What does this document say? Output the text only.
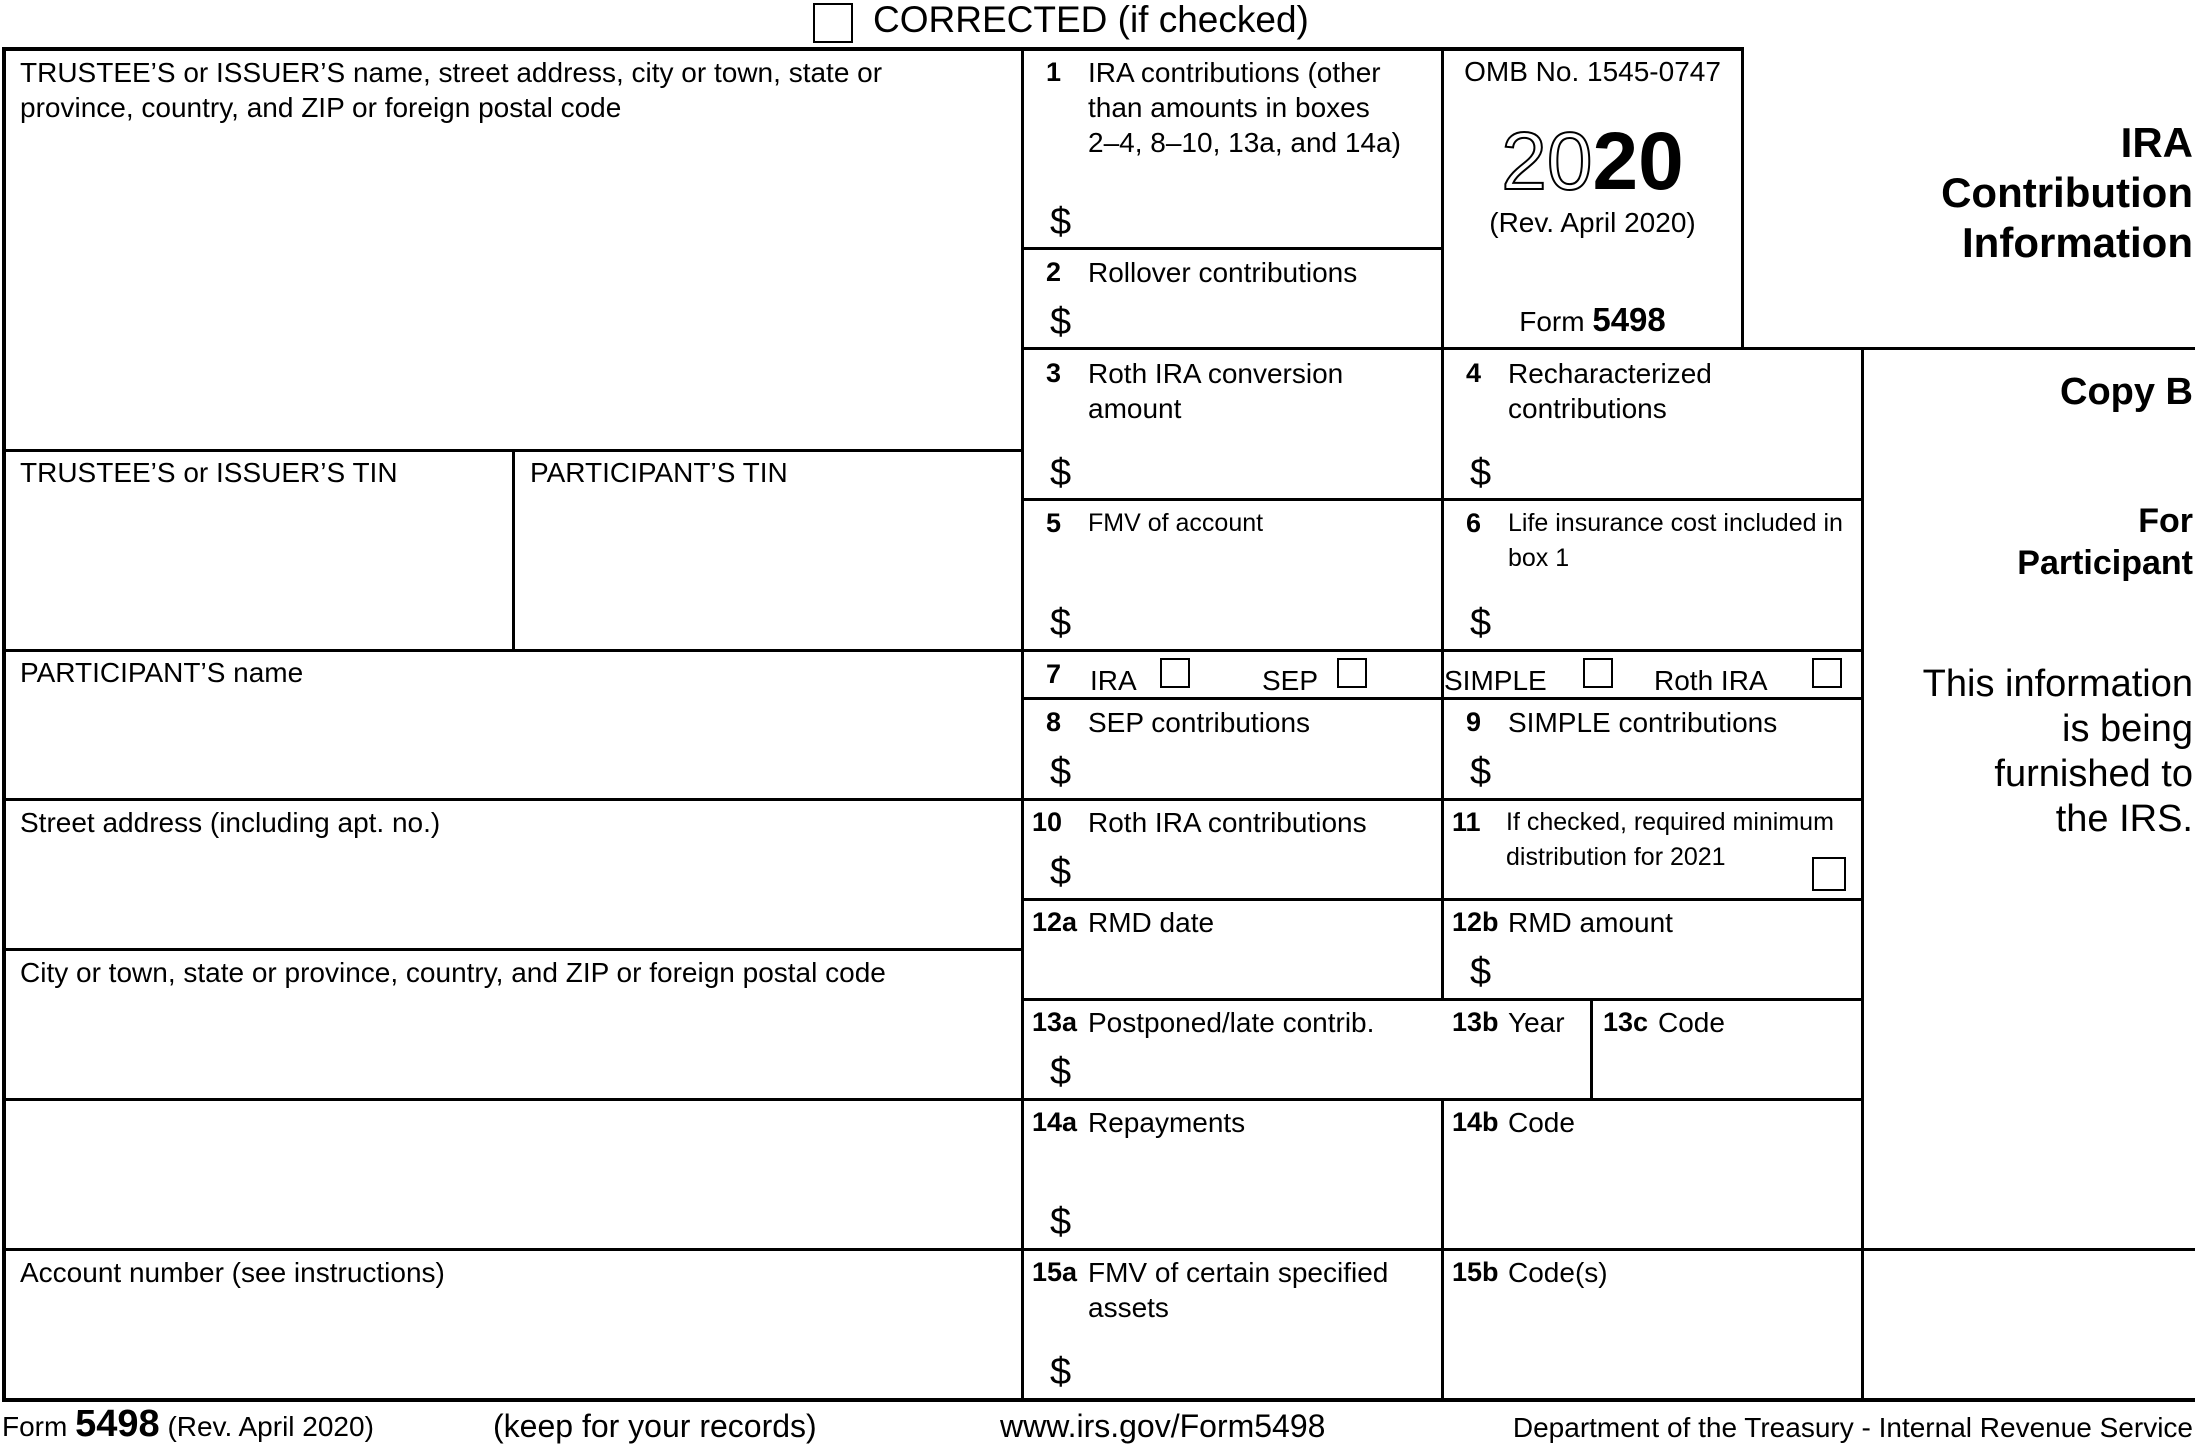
CORRECTED (if checked)
TRUSTEE’S or ISSUER’S name, street address, city or town, state or
province, country, and ZIP or foreign postal code
TRUSTEE’S or ISSUER’S TIN	PARTICIPANT’S TIN
PARTICIPANT’S name
Street address (including apt. no.)
City or town, state or province, country, and ZIP or foreign postal code
Account number (see instructions)
OMB No. 1545-0747
2020
(Rev. April 2020)
Form 5498
IRA
Contribution
Information
Copy B
For
Participant
This information
is being
furnished to
the IRS.
1 IRA contributions (other
than amounts in boxes
2–4, 8–10, 13a, and 14a)
$
2 Rollover contributions
$
3 Roth IRA conversion
amount
$
4 Recharacterized
contributions
$
5 FMV of account
$
6 Life insurance cost included in
box 1
$
7 IRA	SEP	SIMPLE	Roth IRA
8 SEP contributions
$
9 SIMPLE contributions
$
10 Roth IRA contributions
$
11 If checked, required minimum
distribution for 2021
12a RMD date	12b RMD amount
$
13a Postponed/late contrib.
$
13b Year 13c Code
14a Repayments
$
14b Code
15a FMV of certain specified
assets
$
15b Code(s)
Form 5498 (Rev. April 2020)	(keep for your records)	www.irs.gov/Form5498	Department of the Treasury - Internal Revenue Service
